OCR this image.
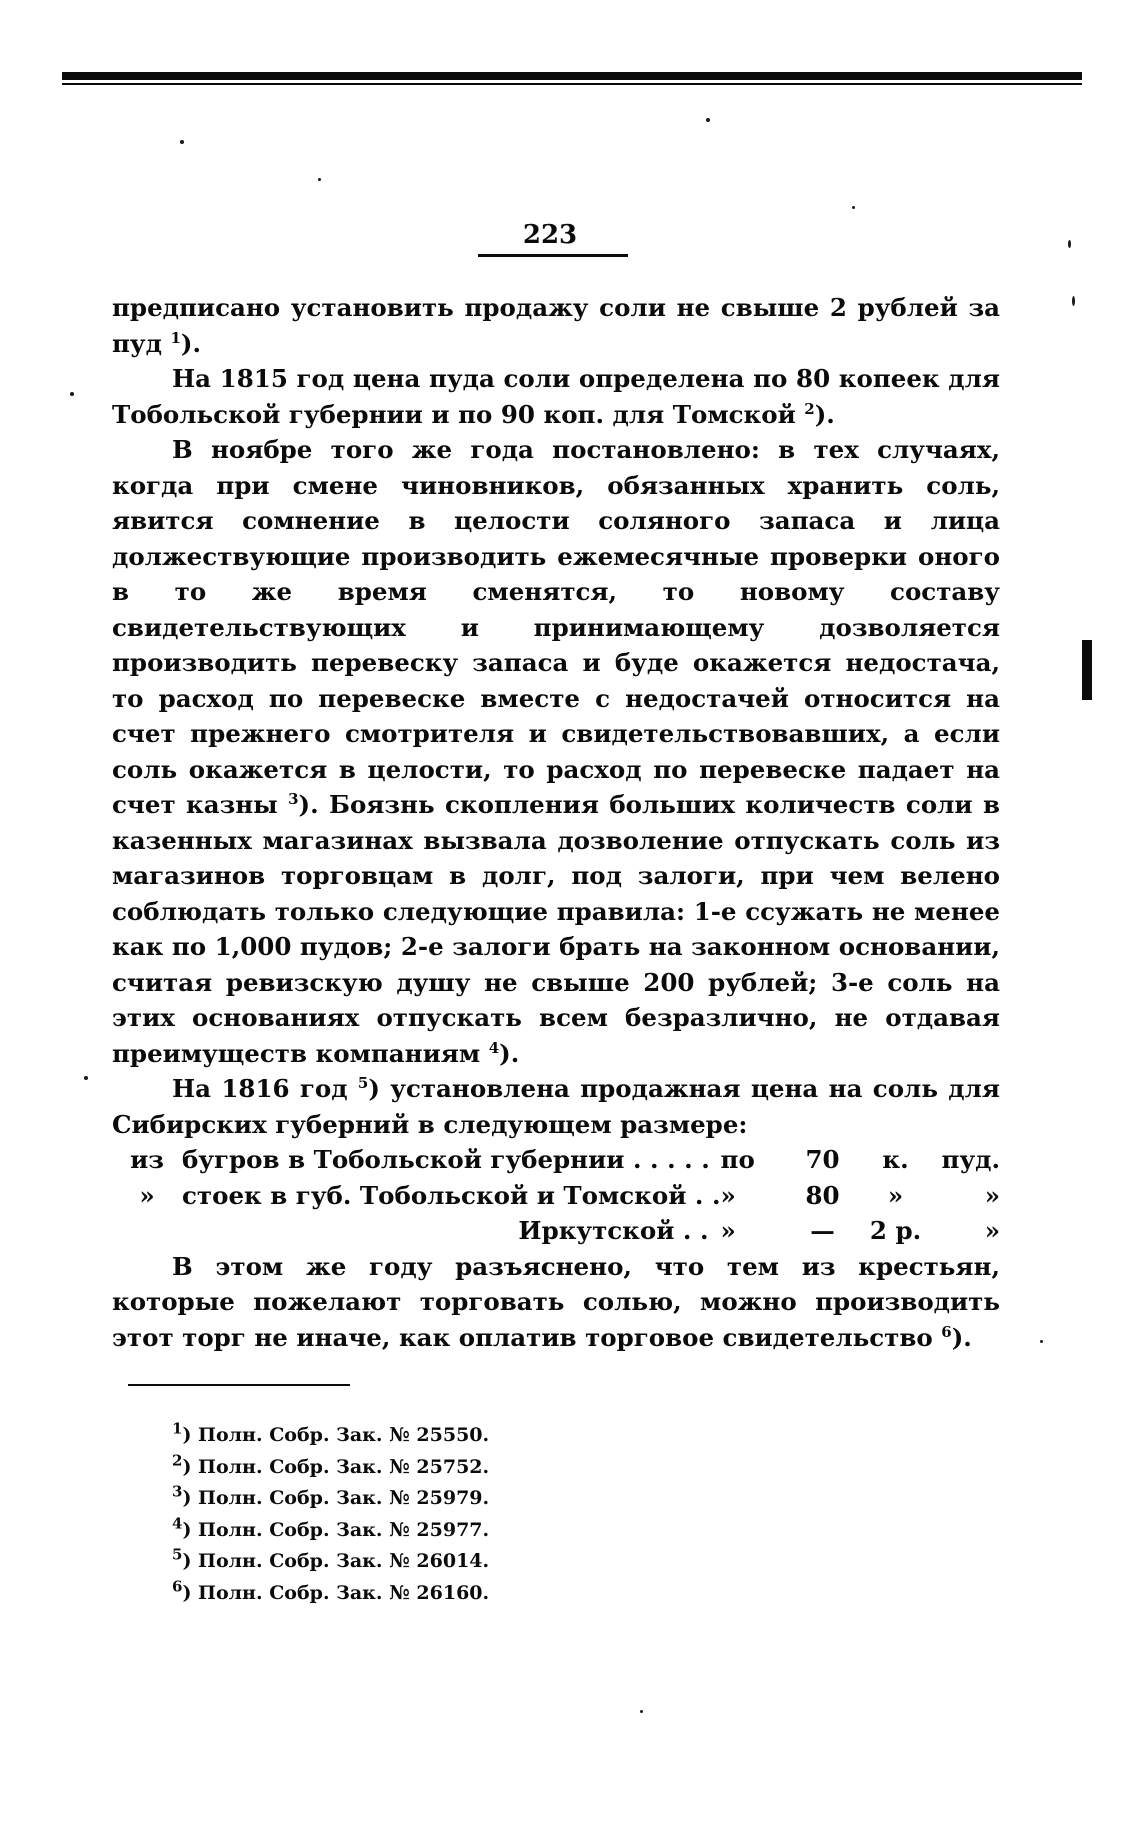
223

предписано установить продажу соли не свыше 2 рублей за пуд $^1$).

На 1815 год цена пуда соли определена по 80 копеек для Тобольской губернии и по 90 коп. для Томской $^2$).

В ноябре того же года постановлено: в тех случаях, когда при смене чиновников, обязанных хранить соль, явится сомнение в целости соляного запаса и лица должествующие производить ежемесячные проверки оного в то же время сменятся, то новому составу свидетельствующих и принимающему дозволяется производить перевеску запаса и буде окажется недостача, то расход по перевеске вместе с недостачей относится на счет прежнего смотрителя и свидетельствовавших, а если соль окажется в целости, то расход по перевеске падает на счет казны $^3$). Боязнь скопления больших количеств соли в казенных магазинах вызвала дозволение отпускать соль из магазинов торговцам в долг, под залоги, при чем велено соблюдать только следующие правила: 1-е ссужать не менее как по 1,000 пудов; 2-е залоги брать на законном основании, считая ревизскую душу не свыше 200 рублей; 3-е соль на этих основаниях отпускать всем безразлично, не отдавая преимуществ компаниям $^4$).

На 1816 год $^5$) установлена продажная цена на соль для Сибирских губерний в следующем размере:

из	бугров в Тобольской губернии . . . . .	по	70	к.	пуд.
»	стоек в губ. Тобольской и Томской . .	»	80	»	»
	Иркутской . .	»	—	2 р.	»

В этом же году разъяснено, что тем из крестьян, которые пожелают торговать солью, можно производить этот торг не иначе, как оплатив торговое свидетельство $^6$).

$^1$) Полн. Собр. Зак. № 25550.
$^2$) Полн. Собр. Зак. № 25752.
$^3$) Полн. Собр. Зак. № 25979.
$^4$) Полн. Собр. Зак. № 25977.
$^5$) Полн. Собр. Зак. № 26014.
$^6$) Полн. Собр. Зак. № 26160.
